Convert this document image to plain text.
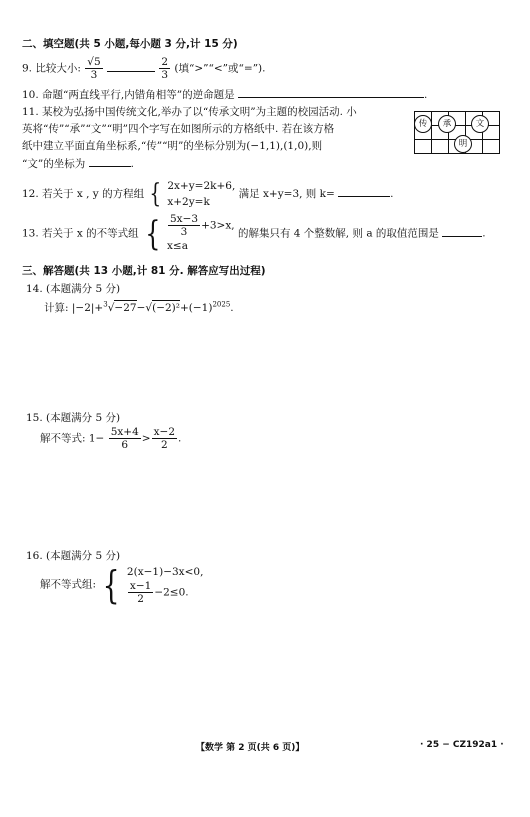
二、填空题(共 5 小题,每小题 3 分,计 15 分)
9. 比较大小: $\frac{√5}{3}$
	$\frac{2}{3}$ (填“>”“<”或“=”).
10. 命题“两直线平行,内错角相等”的逆命题是	.
11. 某校为弘扬中国传统文化,举办了以“传承文明”为主题的校园活动. 小
英将“传”“承”“文”“明”四个字写在如图所示的方格纸中. 若在该方格
纸中建立平面直角坐标系,“传”“明”的坐标分别为(−1,1),(1,0),则
“文”的坐标为	.

传	承	文
明
12. 若关于 x , y 的方程组 { 2x+y=2k+6,
x+2y=k
满足 x+y=3, 则 k=	.
13. 若关于 x 的不等式组 { $\frac{5x-3}{3} +3>x$,
x≤a
的解集只有 4 个整数解, 则 a 的取值范围是	.
三、解答题(共 13 小题,计 81 分. 解答应写出过程)
14. (本题满分 5 分)
计算: $|-2|+^3√-27-√(-2)^2+(-1)^{2025}$.
15. (本题满分 5 分)
解不等式: $1- \frac{5x+4}{6} > \frac{x-2}{2}$ .
16. (本题满分 5 分)
解不等式组: { 2(x−1)−3x<0,
$\frac{x-1}{2} -2\le 0$.
【数学 第 2 页(共 6 页)】	· 25 − CZ192a1 ·
